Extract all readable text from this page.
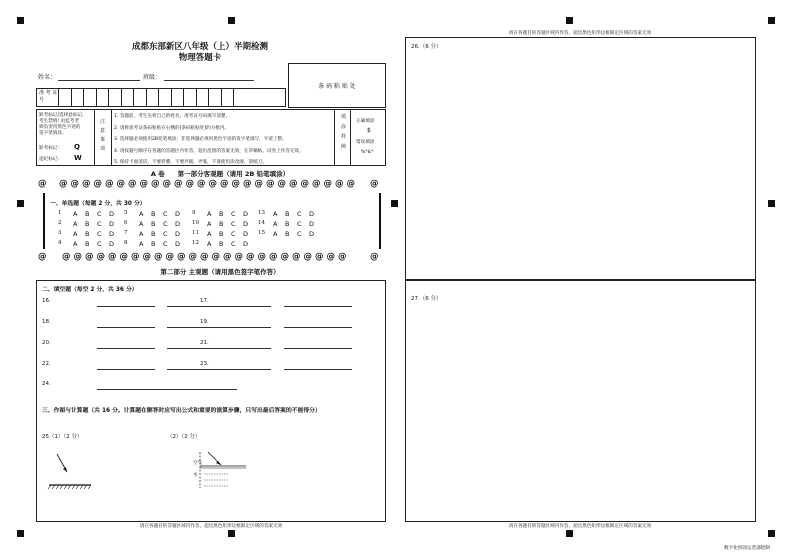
成都东部新区八年级（上）半期检测
物理答题卡
姓名：	班级：
条 码 粘 贴 处
准 考 证 号
缺考标记(选择此标记,
考生禁填! 由监考老
师负责用黑色字迹的
签字笔填涂。
缺考标记: Q
违纪标记: W
注 意 事 项
1. 答题前，考生先将自己的姓名、准考证号码填写清楚。
2. 请将准考证条码粘贴在右侧的[条码粘贴处]的方框内。
3. 选择题必须使用2B铅笔填涂；非选择题必须用黑色字迹的签字笔填写，字迹工整。
4. 请按题号顺序在各题的答题区内作答，超出范围的答案无效，在草稿纸、试卷上作答无效。
5. 保持卡面清洁，不要折叠、不要弄破、弄皱，不准使用涂改液、刮纸刀。
填 涂 样 例
正确填涂
$
错误填涂
%*&*
A 卷　　第一部分客观题（请用 2B 铅笔填涂）
@ @ @ @ @ @ @ @ @ @ @ @ @ @ @ @ @ @ @ @ @ @ @ @ @ @ @ @
一、单选题（每题 2 分，共 30 分）
1 A B C D
2 A B C D
3 A B C D
4 A B C D
5 A B C D
6 A B C D
7 A B C D
8 A B C D
9 A B C D
10 A B C D
11 A B C D
12 A B C D
13 A B C D
14 A B C D
15 A B C D
@ @ @ @ @ @ @ @ @ @ @ @ @ @ @ @ @ @ @ @ @ @ @ @ @ @	@
第二部分 主观题（请用黑色签字笔作答）
二、填空题（每空 2 分，共 36 分）
16.	17.
18.	19.
20.	21.
22.	23.
24.
三、作图与计算题（共 16 分。计算题在解答时应写出公式和重要的演算步骤，只写出最后答案的不能得分）
25（1）（2 分）	（2）（2 分）
空气
水
请在各题目的答题区域内作答，超出黑色矩形边框限定区域的答案无效
请在各题目的答题区域内作答，超出黑色矩形边框限定区域的答案无效
26.（6 分）
27.（6 分）
请在各题目的答题区域内作答，超出黑色矩形边框限定区域的答案无效
数字化校园运营部绘制
